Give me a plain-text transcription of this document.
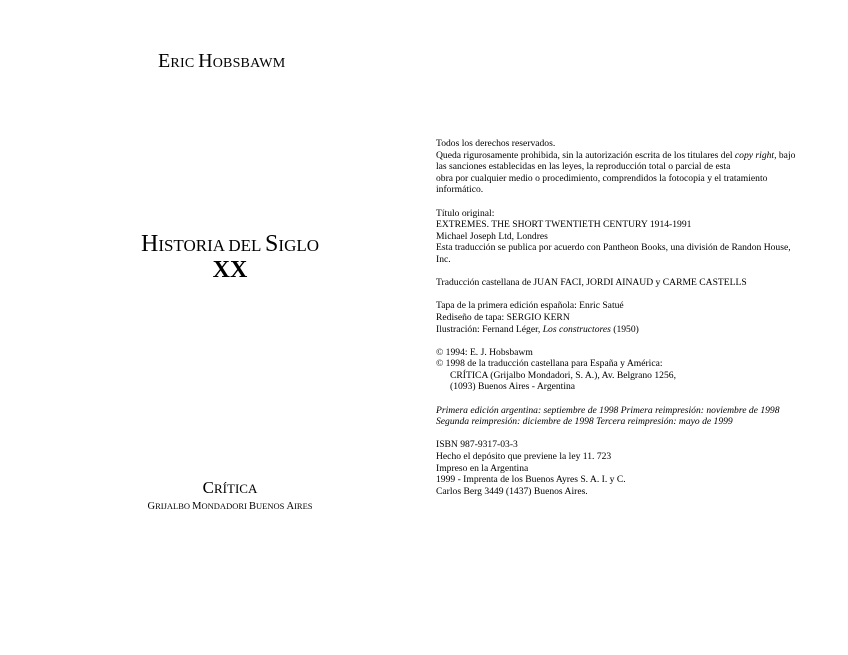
ERIC HOBSBAWM
HISTORIA DEL SIGLO
XX
CRÍTICA
GRIJALBO MONDADORI BUENOS AIRES
Todos los derechos reservados.
Queda rigurosamente prohibida, sin la autorización escrita de los titulares del copy right, bajo las sanciones establecidas en las leyes, la reproducción total o parcial de esta
obra por cualquier medio o procedimiento, comprendidos la fotocopia y el tratamiento
informático.
Título original:
EXTREMES. THE SHORT TWENTIETH CENTURY 1914-1991
Michael Joseph Ltd, Londres
Esta traducción se publica por acuerdo con Pantheon Books, una división de Randon House, Inc.
Traducción castellana de JUAN FACI, JORDI AINAUD y CARME CASTELLS
Tapa de la primera edición española: Enric Satué
Rediseño de tapa: SERGIO KERN
Ilustración: Fernand Léger, Los constructores (1950)
© 1994: E. J. Hobsbawm
© 1998 de la traducción castellana para España y América:
CRÍTICA (Grijalbo Mondadori, S. A.), Av. Belgrano 1256,
(1093) Buenos Aires - Argentina
Primera edición argentina: septiembre de 1998 Primera reimpresión: noviembre de 1998 Segunda reimpresión: diciembre de 1998 Tercera reimpresión: mayo de 1999
ISBN 987-9317-03-3
Hecho el depósito que previene la ley 11. 723
Impreso en la Argentina
1999 - Imprenta de los Buenos Ayres S. A. I. y C.
Carlos Berg 3449 (1437) Buenos Aires.
